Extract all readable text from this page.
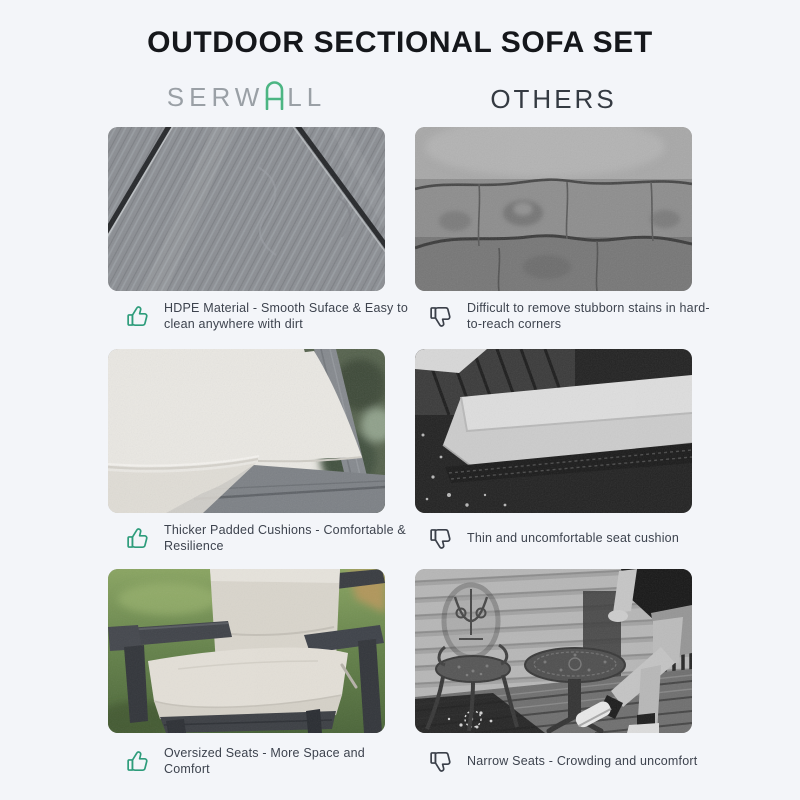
OUTDOOR SECTIONAL SOFA SET
SERW LL	OTHERS
HDPE Material - Smooth Suface & Easy to clean anywhere with dirt
Difficult to remove stubborn stains in hard-to-reach corners
Thicker Padded Cushions - Comfortable & Resilience
Thin and uncomfortable seat cushion
Oversized Seats - More Space and Comfort
Narrow Seats - Crowding and uncomfort
